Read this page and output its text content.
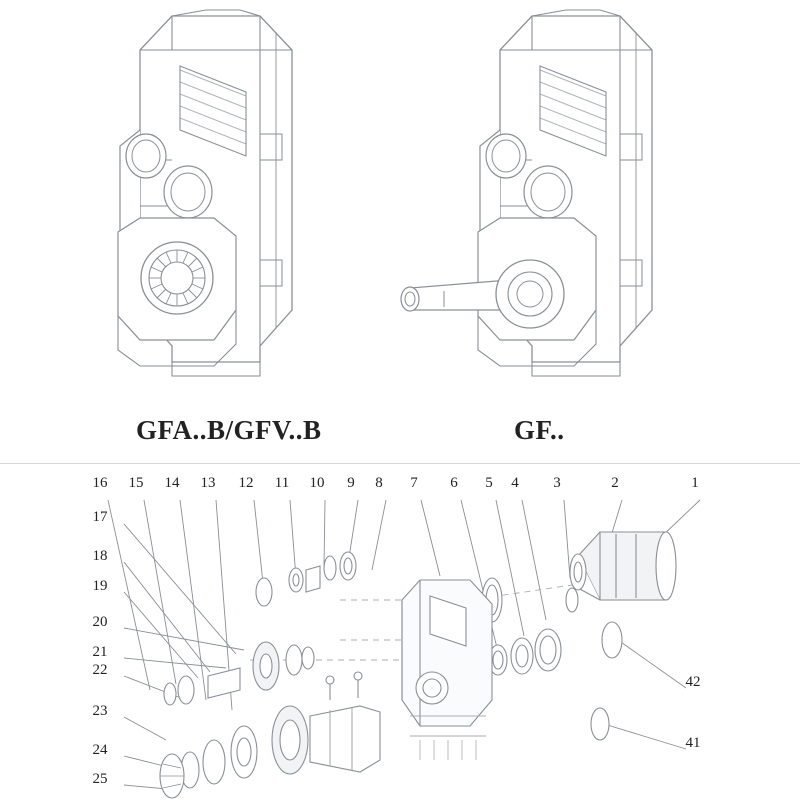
GFA..B/GFV..B	GF..
16 15 14 13 12 11 10	9	8	7	6	5	4	3	2	1
17
18
19
20
21
22
23
24
25
42
41
